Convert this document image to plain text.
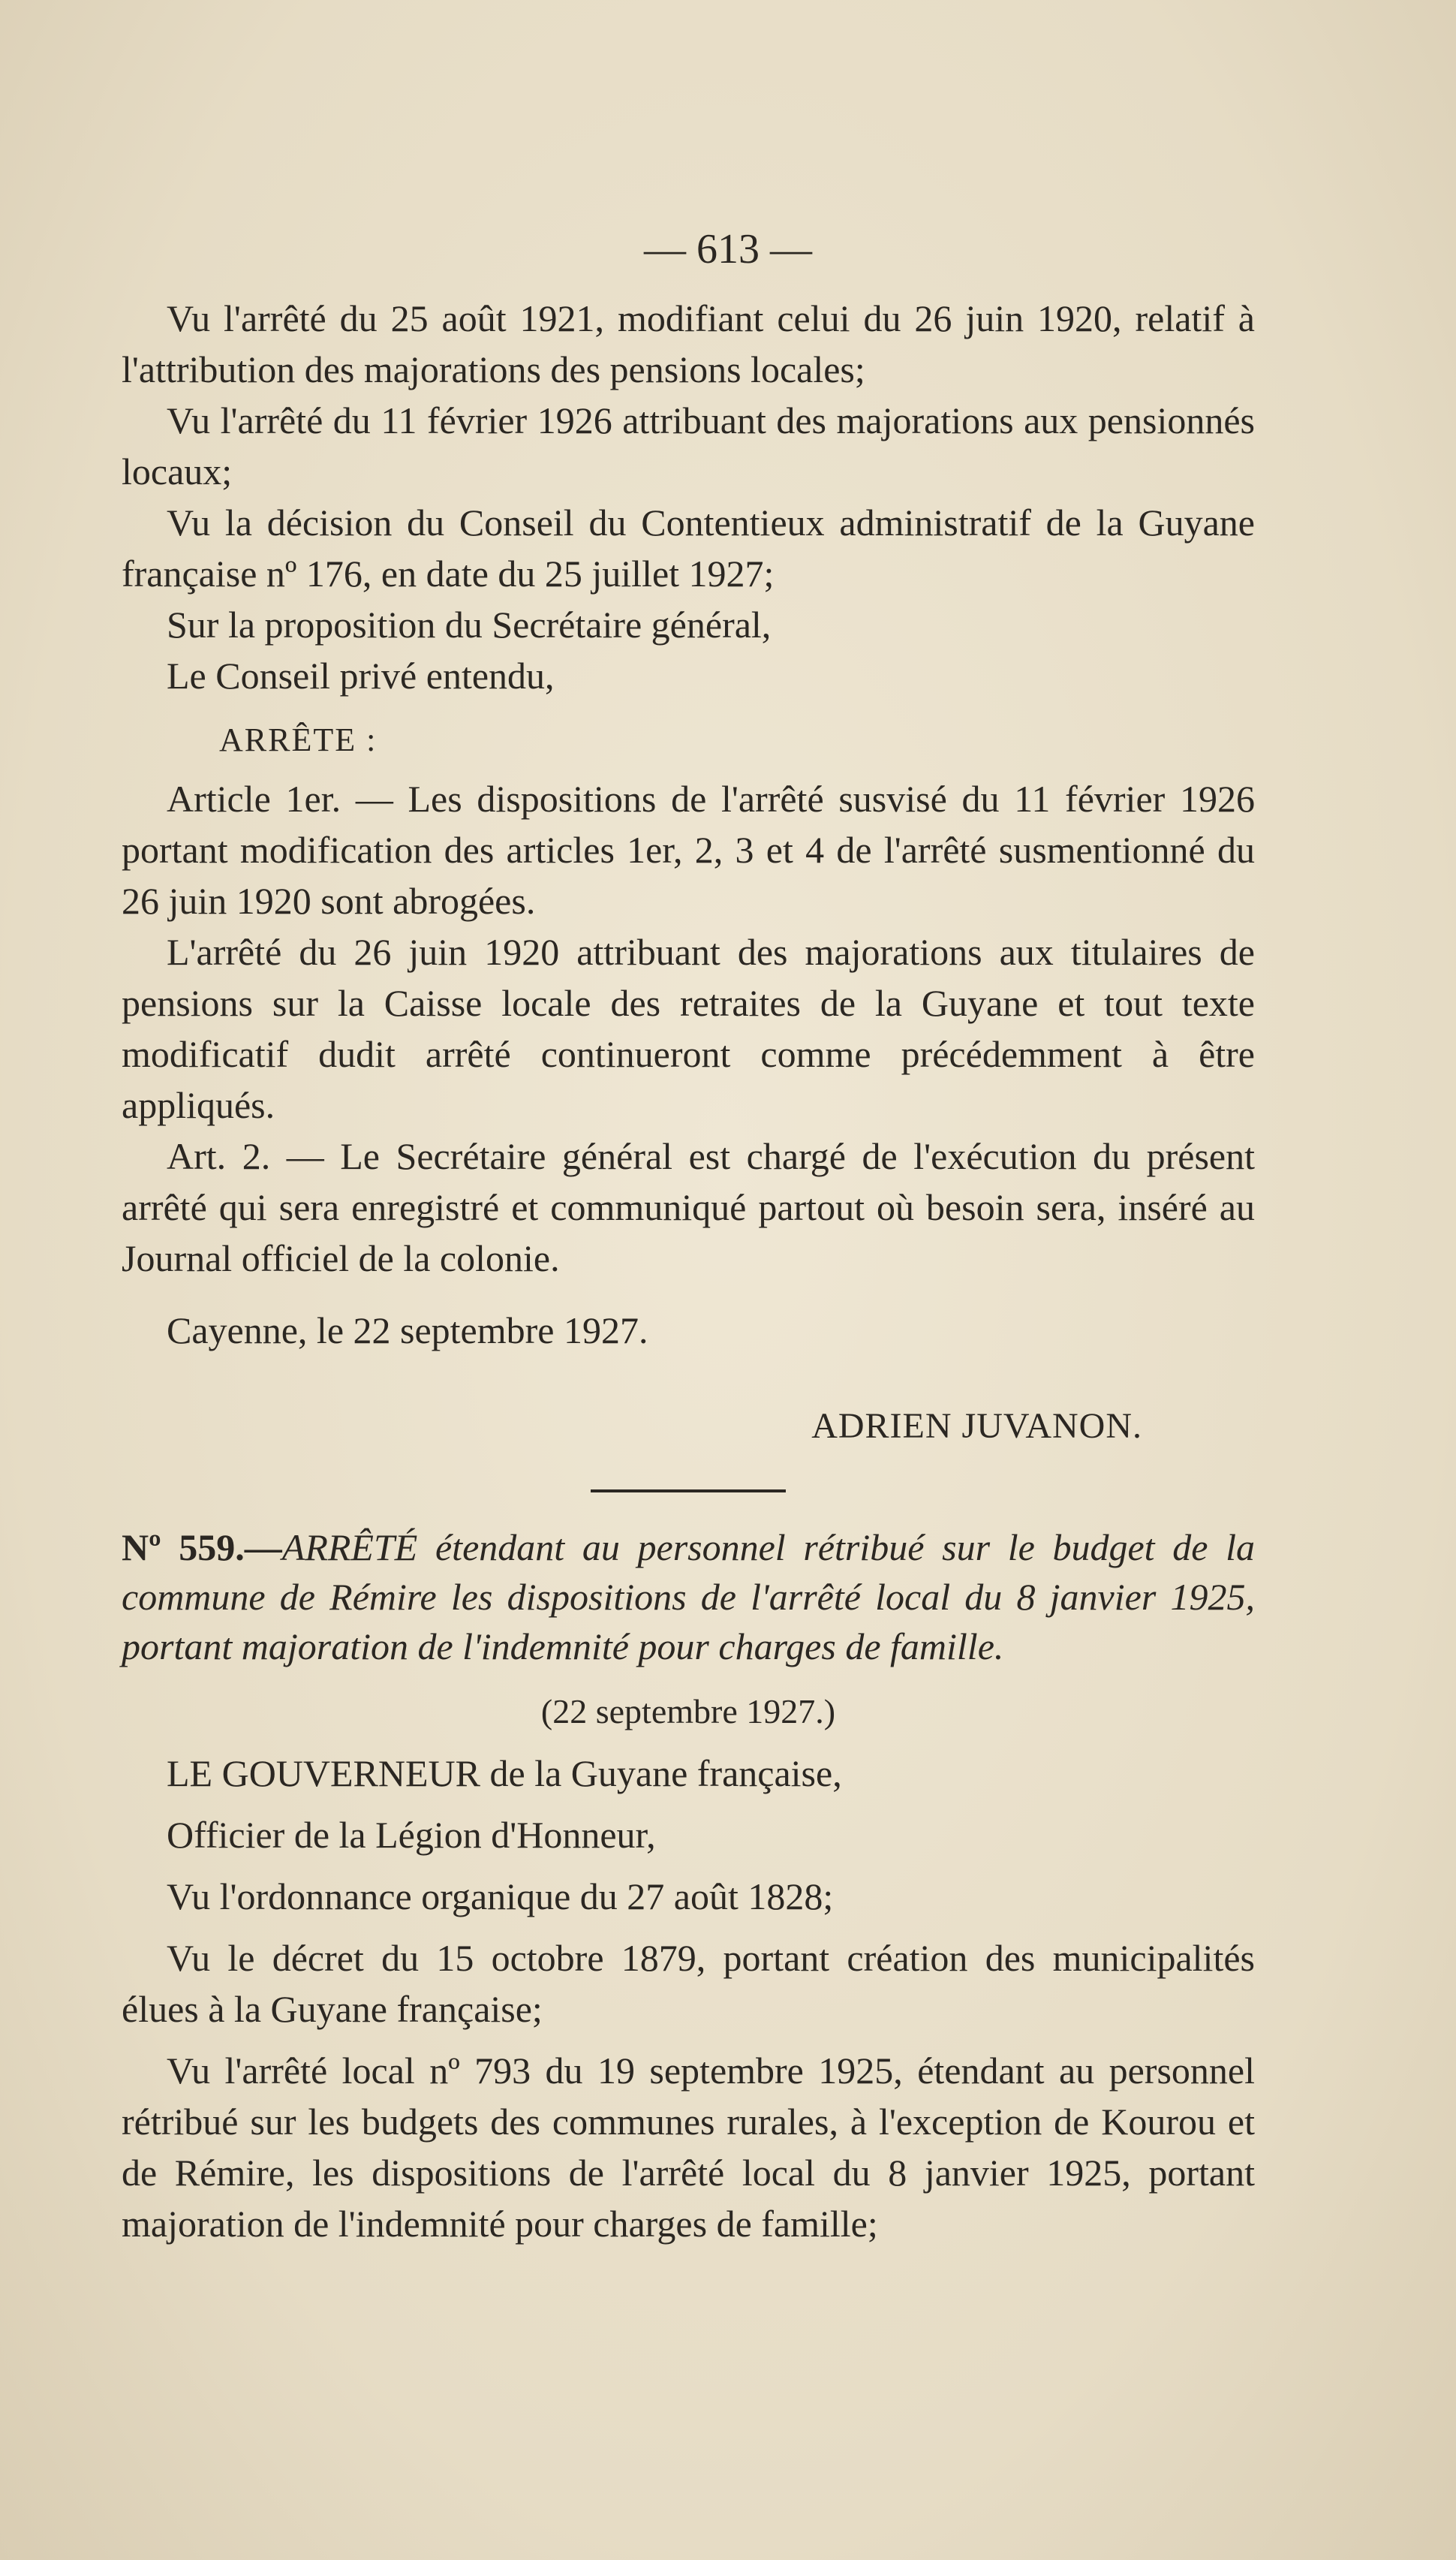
— 613 —

Vu l'arrêté du 25 août 1921, modifiant celui du 26 juin 1920, relatif à l'attribution des majorations des pensions locales;

Vu l'arrêté du 11 février 1926 attribuant des majorations aux pensionnés locaux;

Vu la décision du Conseil du Contentieux administratif de la Guyane française nº 176, en date du 25 juillet 1927;

Sur la proposition du Secrétaire général,

Le Conseil privé entendu,

ARRÊTE :

Article 1er. — Les dispositions de l'arrêté susvisé du 11 février 1926 portant modification des articles 1er, 2, 3 et 4 de l'arrêté susmentionné du 26 juin 1920 sont abrogées.

L'arrêté du 26 juin 1920 attribuant des majorations aux titulaires de pensions sur la Caisse locale des retraites de la Guyane et tout texte modificatif dudit arrêté continueront comme précédemment à être appliqués.

Art. 2. — Le Secrétaire général est chargé de l'exécution du présent arrêté qui sera enregistré et communiqué partout où besoin sera, inséré au Journal officiel de la colonie.

Cayenne, le 22 septembre 1927.

ADRIEN JUVANON.

Nº 559.—ARRÊTÉ étendant au personnel rétribué sur le budget de la commune de Rémire les dispositions de l'arrêté local du 8 janvier 1925, portant majoration de l'indemnité pour charges de famille.

(22 septembre 1927.)

LE GOUVERNEUR de la Guyane française,

Officier de la Légion d'Honneur,

Vu l'ordonnance organique du 27 août 1828;

Vu le décret du 15 octobre 1879, portant création des municipalités élues à la Guyane française;

Vu l'arrêté local nº 793 du 19 septembre 1925, étendant au personnel rétribué sur les budgets des communes rurales, à l'exception de Kourou et de Rémire, les dispositions de l'arrêté local du 8 janvier 1925, portant majoration de l'indemnité pour charges de famille;
